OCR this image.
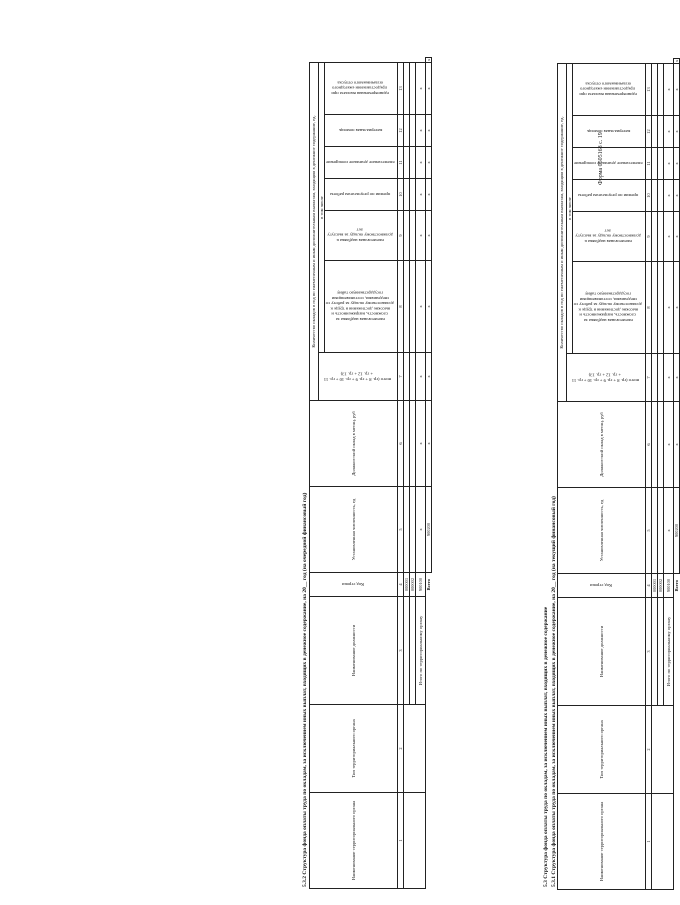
Форма 0505168 с. 19
5.3 Структура фонда оплаты труда по окладам, за исключением иных выплат, входящих в денежное содержание 5.3.1 Структура фонда оплаты труда по окладам, за исключением иных выплат, входящих в денежное содержание, на 20__ год (на текущий финансовый год)
5.3.2 Структура фонда оплаты труда по окладам, за исключением иных выплат, входящих в денежное содержание, на 20__ год (на очередной финансовый год)	Наименование территориального органа	Тип территориального органа	Наименование должности	Код строки	Установленная численность, ед	Должностной оклад в месяц, руб	Количество окладов в год по ежемесячным и иным дополнительным выплатам, входящим в денежное содержание, ед.							
						всего (гр. 8 + гр. 9 + гр. 10 + гр. 11 + гр. 12 + гр. 13)	в том числе						
							ежемесячная надбавка за сложность, напряженность и высокие достижения в труде к должностному окладу за работу со сведениями, составляющими государственную тайну	ежемесячная надбавка к должностному окладу за выслугу лет	премии по результатам работы	ежемесячное денежное поощрение	материальная помощь	единовременная выплата при предоставлении ежегодного оплачиваемого отпуска	
1	2	3	4	5	6	7	8	9	10	11	12	13	
			000001										
			000002										
		Итого по территориальному органу	900100	x	x	x	x	x	x	x	x	x	
			Всего	900200	x	x	x	x	x	x	x	x	x
Наименование территориального органа	Тип территориального органа	Наименование должности	Код строки	Установленная численность, ед	Должностной оклад в месяц, руб	Количество окладов в год по ежемесячным и иным дополнительным выплатам, входящим в денежное содержание, ед.							
						всего (гр. 8 + гр. 9 + гр. 10 + гр. 11 + гр. 12 + гр. 13)	в том числе						
							ежемесячная надбавка за сложность, напряженность и высокие достижения в труде к должностному окладу за работу со сведениями, составляющими государственную тайну	ежемесячная надбавка к должностному окладу за выслугу лет	премии по результатам работы	ежемесячное денежное поощрение	материальная помощь	единовременная выплата при предоставлении ежегодного оплачиваемого отпуска	
1	2	3	4	5	6	7	8	9	10	11	12	13	
			000001										
			000002										
		Итого по территориальному органу	900100	x	x	x	x	x	x	x	x	x	
			Всего	900200	x	x	x	x	x	x	x	x	x
